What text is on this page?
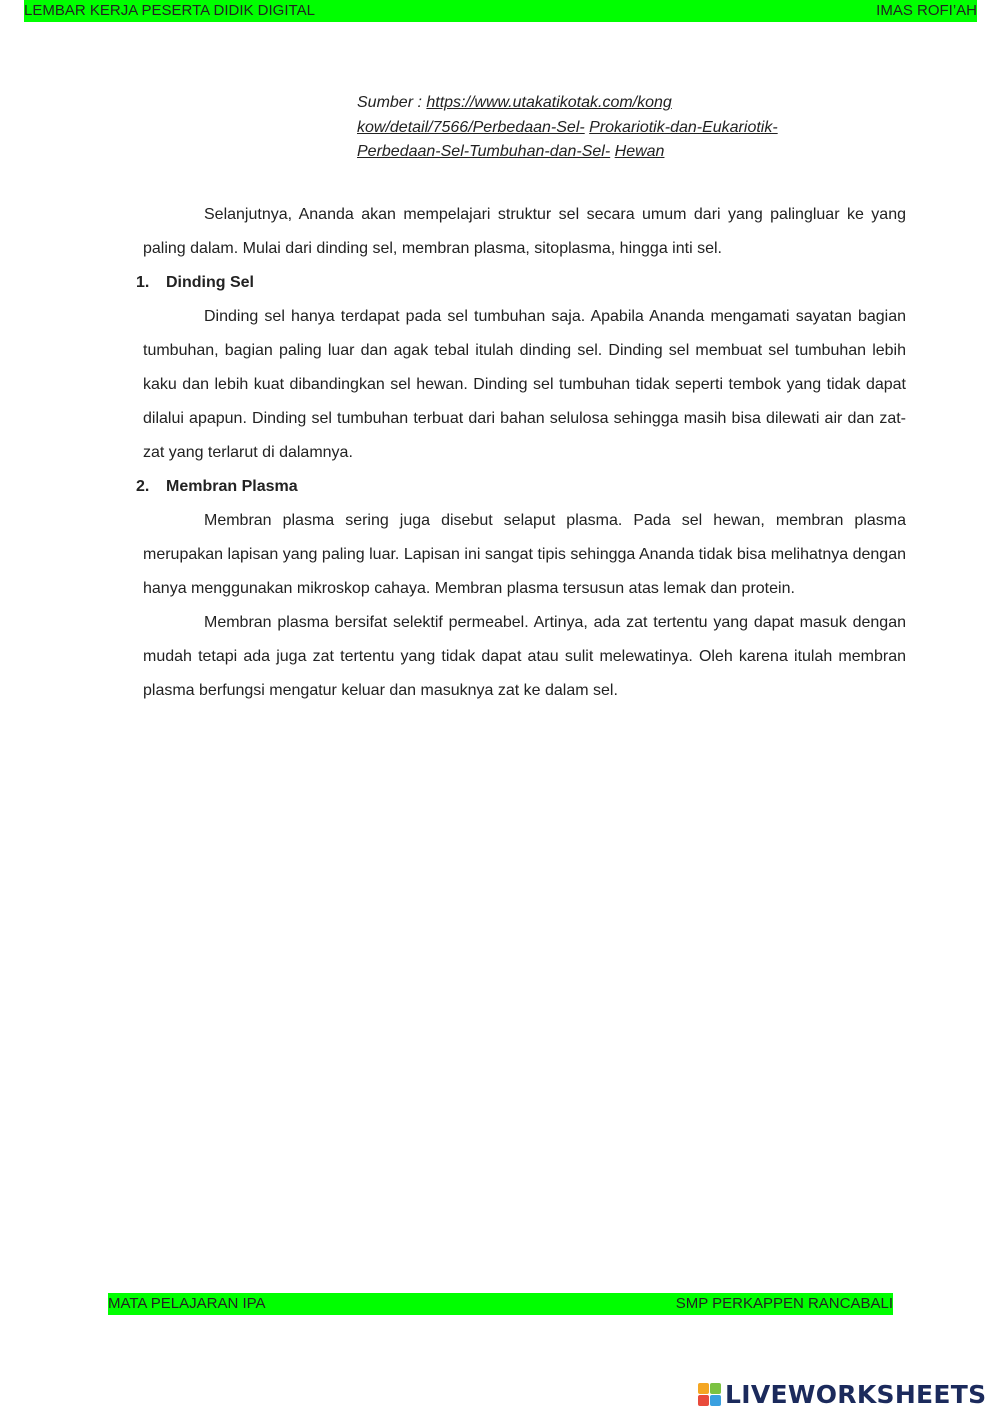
LEMBAR KERJA PESERTA DIDIK DIGITAL	IMAS ROFI’AH
Sumber : https://www.utakatikotak.com/kong
kow/detail/7566/Perbedaan-Sel- Prokariotik-dan-Eukariotik-
Perbedaan-Sel-Tumbuhan-dan-Sel- Hewan

Selanjutnya, Ananda akan mempelajari struktur sel secara umum dari yang palingluar ke yang paling dalam. Mulai dari dinding sel, membran plasma, sitoplasma, hingga inti sel.

1. Dinding Sel

Dinding sel hanya terdapat pada sel tumbuhan saja. Apabila Ananda mengamati sayatan bagian tumbuhan, bagian paling luar dan agak tebal itulah dinding sel. Dinding sel membuat sel tumbuhan lebih kaku dan lebih kuat dibandingkan sel hewan. Dinding sel tumbuhan tidak seperti tembok yang tidak dapat dilalui apapun. Dinding sel tumbuhan terbuat dari bahan selulosa sehingga masih bisa dilewati air dan zat-zat yang terlarut di dalamnya.

2. Membran Plasma

Membran plasma sering juga disebut selaput plasma. Pada sel hewan, membran plasma merupakan lapisan yang paling luar. Lapisan ini sangat tipis sehingga Ananda tidak bisa melihatnya dengan hanya menggunakan mikroskop cahaya. Membran plasma tersusun atas lemak dan protein.

Membran plasma bersifat selektif permeabel. Artinya, ada zat tertentu yang dapat masuk dengan mudah tetapi ada juga zat tertentu yang tidak dapat atau sulit melewatinya. Oleh karena itulah membran plasma berfungsi mengatur keluar dan masuknya zat ke dalam sel.

MATA PELAJARAN IPA	SMP PERKAPPEN RANCABALI
LIVEWORKSHEETS
